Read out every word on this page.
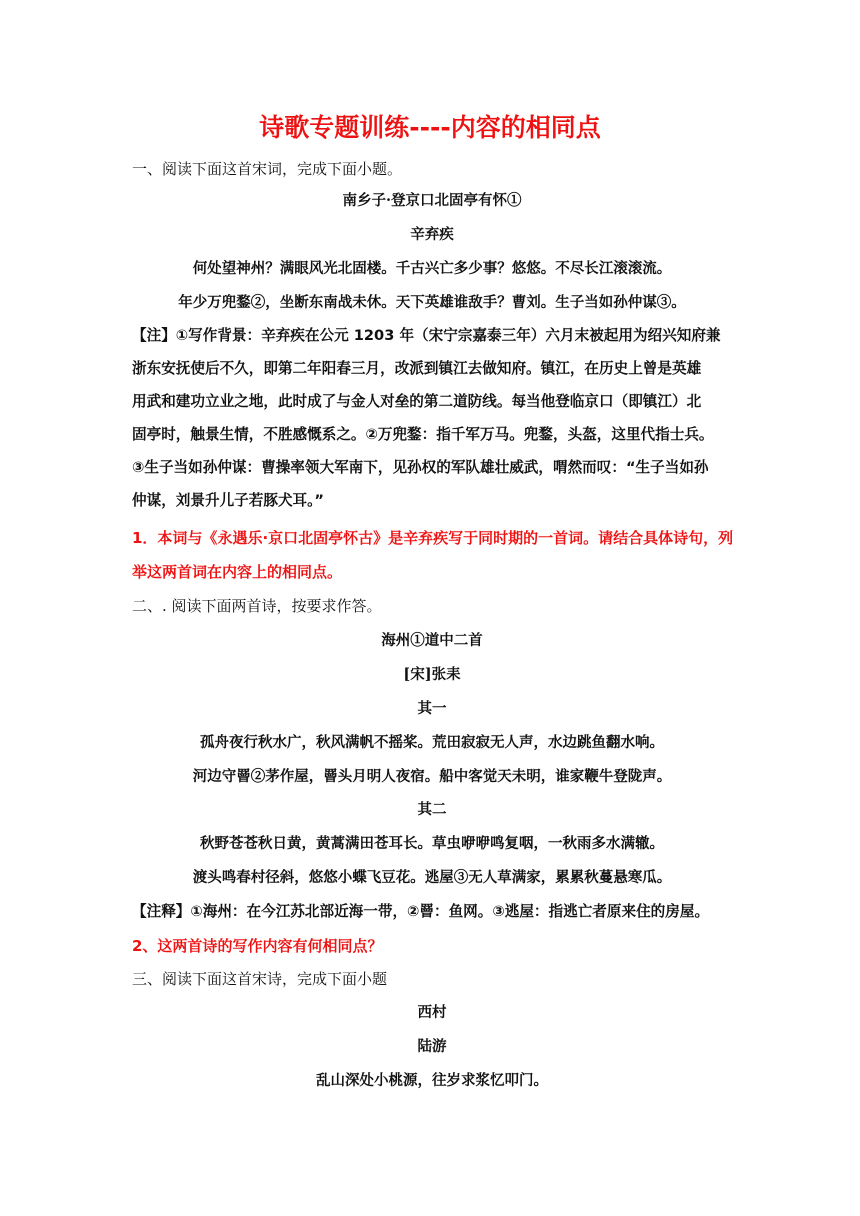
诗歌专题训练----内容的相同点
一、阅读下面这首宋词，完成下面小题。
南乡子·登京口北固亭有怀①
辛弃疾
何处望神州？满眼风光北固楼。千古兴亡多少事？悠悠。不尽长江滚滚流。
年少万兜鍪②，坐断东南战未休。天下英雄谁敌手？曹刘。生子当如孙仲谋③。
【注】①写作背景：辛弃疾在公元 1203 年（宋宁宗嘉泰三年）六月末被起用为绍兴知府兼
浙东安抚使后不久，即第二年阳春三月，改派到镇江去做知府。镇江，在历史上曾是英雄
用武和建功立业之地，此时成了与金人对垒的第二道防线。每当他登临京口（即镇江）北
固亭时，触景生情，不胜感慨系之。②万兜鍪：指千军万马。兜鍪，头盔，这里代指士兵。
③生子当如孙仲谋：曹操率领大军南下，见孙权的军队雄壮威武，喟然而叹：“生子当如孙
仲谋，刘景升儿子若豚犬耳。”
1．本词与《永遇乐·京口北固亭怀古》是辛弃疾写于同时期的一首词。请结合具体诗句，列
举这两首词在内容上的相同点。
二、. 阅读下面两首诗，按要求作答。
海州①道中二首
[宋]张耒
其一
孤舟夜行秋水广，秋风满帆不摇桨。荒田寂寂无人声，水边跳鱼翻水响。
河边守罾②茅作屋，罾头月明人夜宿。船中客觉天未明，谁家鞭牛登陇声。
其二
秋野苍苍秋日黄，黄蒿满田苍耳长。草虫咿咿鸣复咽，一秋雨多水满辙。
渡头鸣春村径斜，悠悠小蝶飞豆花。逃屋③无人草满家，累累秋蔓悬寒瓜。
【注释】①海州：在今江苏北部近海一带，②罾：鱼网。③逃屋：指逃亡者原来住的房屋。
2、这两首诗的写作内容有何相同点？
三、阅读下面这首宋诗，完成下面小题
西村
陆游
乱山深处小桃源，往岁求浆忆叩门。
